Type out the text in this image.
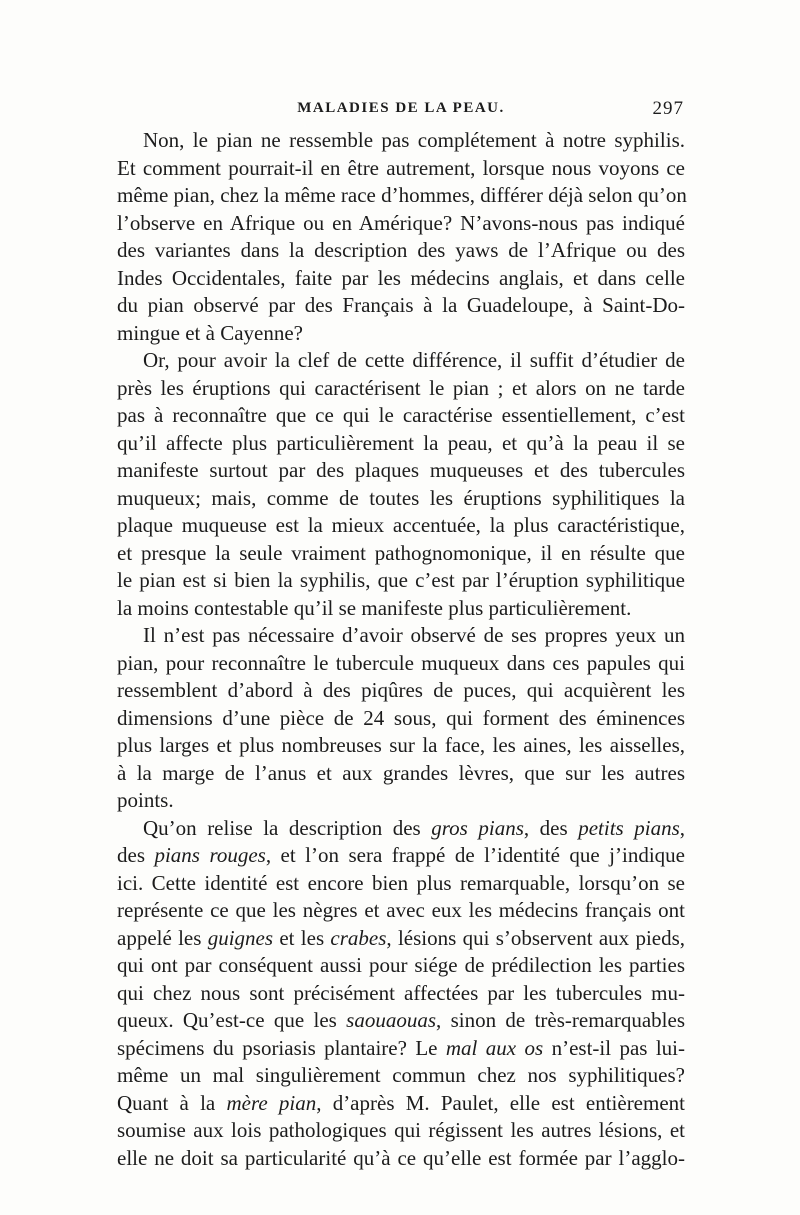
MALADIES DE LA PEAU.	297
Non, le pian ne ressemble pas complétement à notre syphilis.
Et comment pourrait-il en être autrement, lorsque nous voyons ce
même pian, chez la même race d’hommes, différer déjà selon qu’on
l’observe en Afrique ou en Amérique? N’avons-nous pas indiqué
des variantes dans la description des yaws de l’Afrique ou des
Indes Occidentales, faite par les médecins anglais, et dans celle
du pian observé par des Français à la Guadeloupe, à Saint-Do-
mingue et à Cayenne?
Or, pour avoir la clef de cette différence, il suffit d’étudier de
près les éruptions qui caractérisent le pian ; et alors on ne tarde
pas à reconnaître que ce qui le caractérise essentiellement, c’est
qu’il affecte plus particulièrement la peau, et qu’à la peau il se
manifeste surtout par des plaques muqueuses et des tubercules
muqueux; mais, comme de toutes les éruptions syphilitiques la
plaque muqueuse est la mieux accentuée, la plus caractéristique,
et presque la seule vraiment pathognomonique, il en résulte que
le pian est si bien la syphilis, que c’est par l’éruption syphilitique
la moins contestable qu’il se manifeste plus particulièrement.
Il n’est pas nécessaire d’avoir observé de ses propres yeux un
pian, pour reconnaître le tubercule muqueux dans ces papules qui
ressemblent d’abord à des piqûres de puces, qui acquièrent les
dimensions d’une pièce de 24 sous, qui forment des éminences
plus larges et plus nombreuses sur la face, les aines, les aisselles,
à la marge de l’anus et aux grandes lèvres, que sur les autres
points.
Qu’on relise la description des gros pians, des petits pians,
des pians rouges, et l’on sera frappé de l’identité que j’indique
ici. Cette identité est encore bien plus remarquable, lorsqu’on se
représente ce que les nègres et avec eux les médecins français ont
appelé les guignes et les crabes, lésions qui s’observent aux pieds,
qui ont par conséquent aussi pour siége de prédilection les parties
qui chez nous sont précisément affectées par les tubercules mu-
queux. Qu’est-ce que les saouaouas, sinon de très-remarquables
spécimens du psoriasis plantaire? Le mal aux os n’est-il pas lui-
même un mal singulièrement commun chez nos syphilitiques?
Quant à la mère pian, d’après M. Paulet, elle est entièrement
soumise aux lois pathologiques qui régissent les autres lésions, et
elle ne doit sa particularité qu’à ce qu’elle est formée par l’agglo-
